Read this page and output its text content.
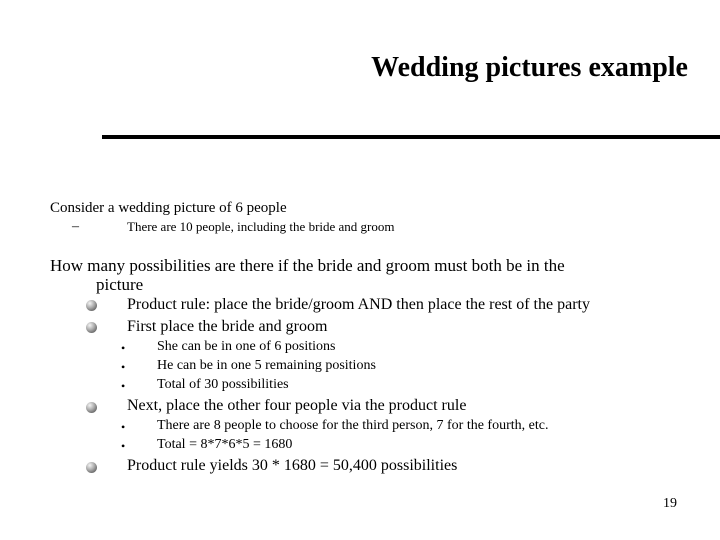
Wedding pictures example
Consider a wedding picture of 6 people
–	There are 10 people, including the bride and groom
How many possibilities are there if the bride and groom must both be in the
picture
Product rule: place the bride/groom AND then place the rest of the party
First place the bride and groom
• She can be in one of 6 positions
• He can be in one 5 remaining positions
• Total of 30 possibilities
Next, place the other four people via the product rule
• There are 8 people to choose for the third person, 7 for the fourth, etc.
• Total = 8*7*6*5 = 1680
Product rule yields 30 * 1680 = 50,400 possibilities
19
